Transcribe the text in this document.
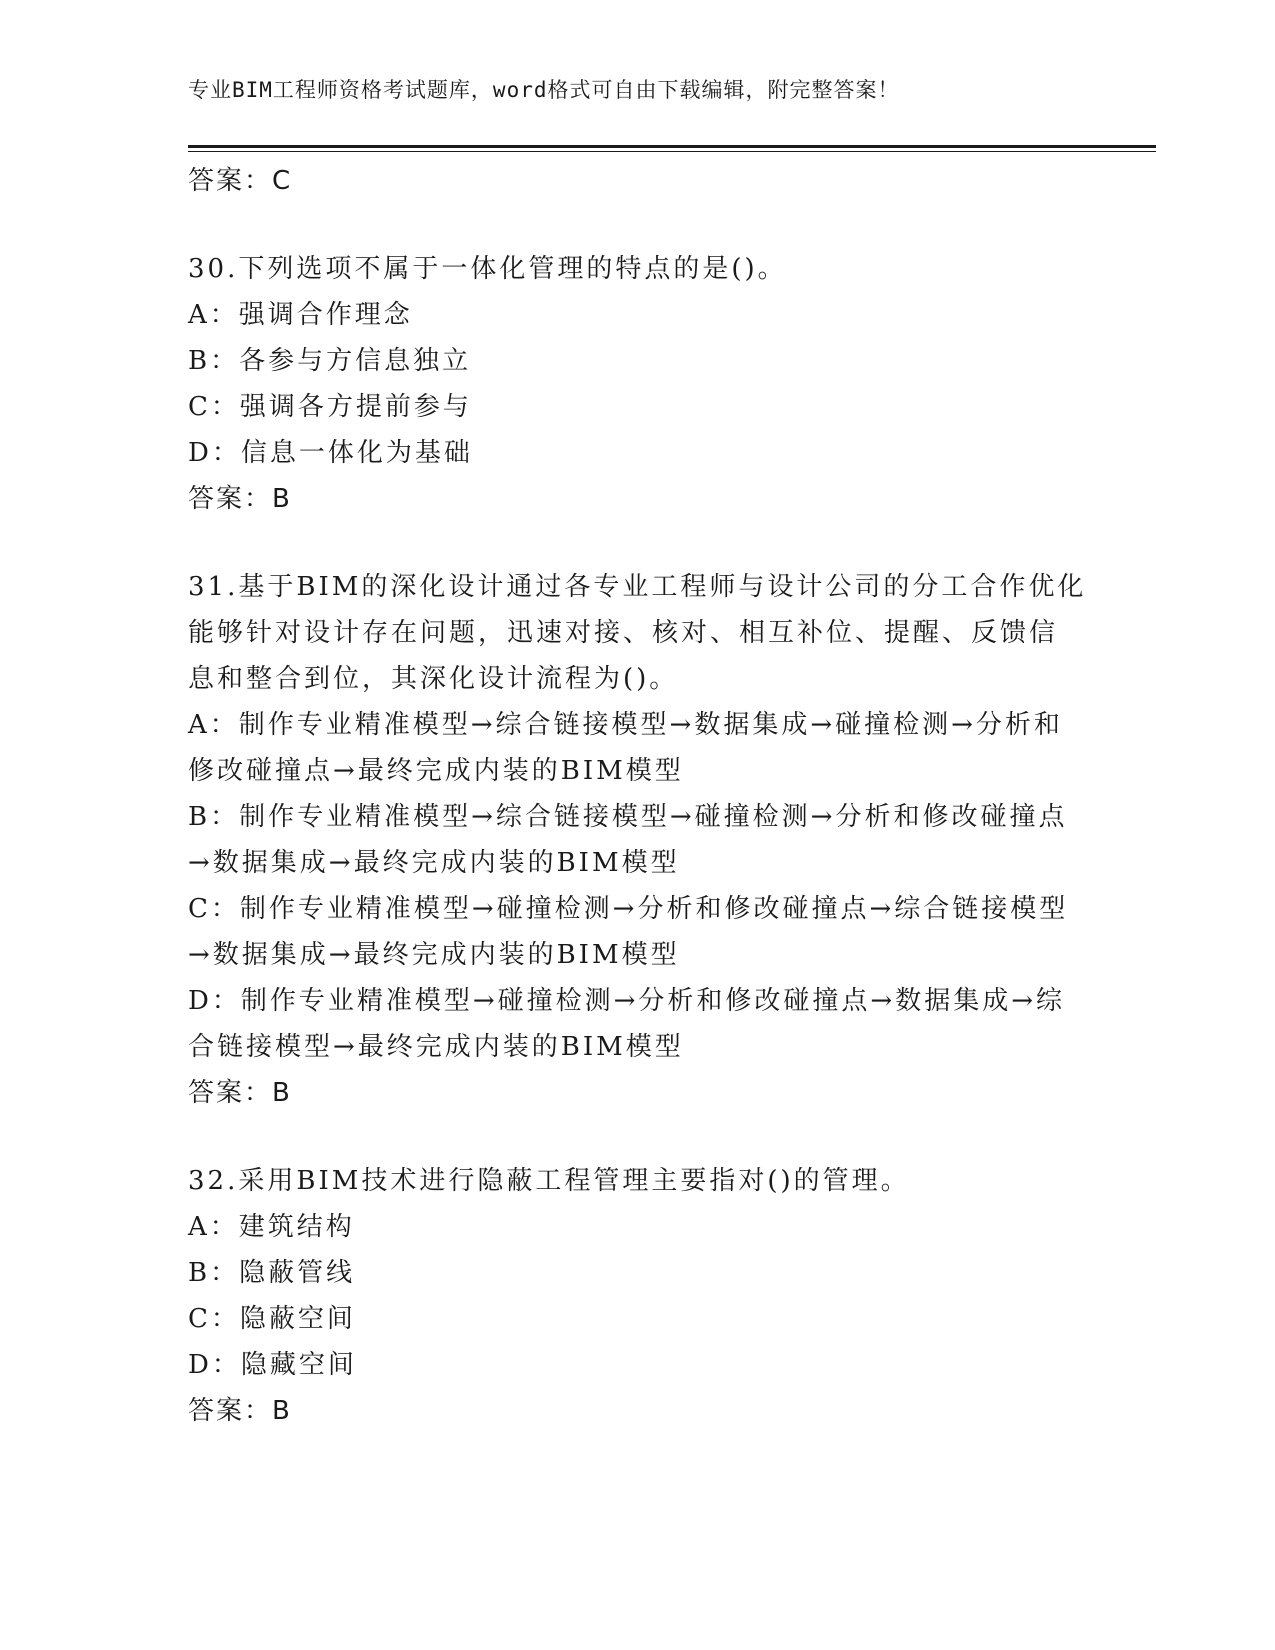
专业BIM工程师资格考试题库，word格式可自由下载编辑，附完整答案！
答案：C
30.下列选项不属于一体化管理的特点的是()。
A：强调合作理念
B：各参与方信息独立
C：强调各方提前参与
D：信息一体化为基础
答案：B
31.基于BIM的深化设计通过各专业工程师与设计公司的分工合作优化
能够针对设计存在问题，迅速对接、核对、相互补位、提醒、反馈信
息和整合到位，其深化设计流程为()。
A：制作专业精准模型→综合链接模型→数据集成→碰撞检测→分析和
修改碰撞点→最终完成内装的BIM模型
B：制作专业精准模型→综合链接模型→碰撞检测→分析和修改碰撞点
→数据集成→最终完成内装的BIM模型
C：制作专业精准模型→碰撞检测→分析和修改碰撞点→综合链接模型
→数据集成→最终完成内装的BIM模型
D：制作专业精准模型→碰撞检测→分析和修改碰撞点→数据集成→综
合链接模型→最终完成内装的BIM模型
答案：B
32.采用BIM技术进行隐蔽工程管理主要指对()的管理。
A：建筑结构
B：隐蔽管线
C：隐蔽空间
D：隐藏空间
答案：B
